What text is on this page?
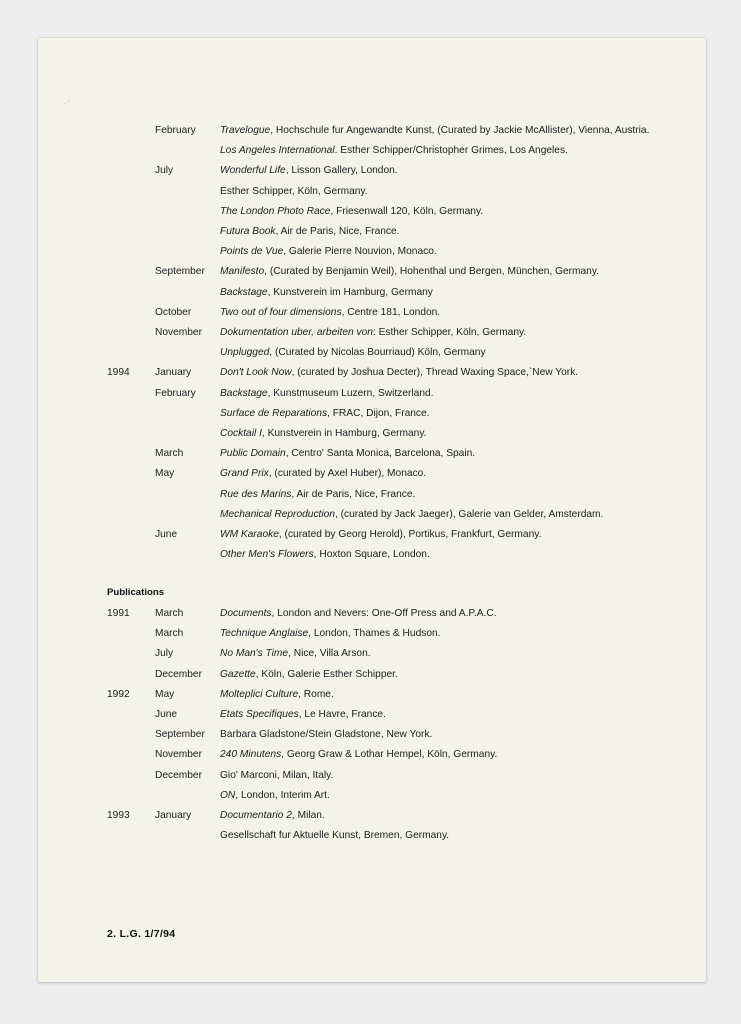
· ’
February Travelogue, Hochschule fur Angewandte Kunst, (Curated by Jackie McAllister), Vienna, Austria.
Los Angeles International. Esther Schipper/Christopher Grimes, Los Angeles.
July	Wonderful Life, Lisson Gallery, London.
Esther Schipper, Köln, Germany.
The London Photo Race, Friesenwall 120, Köln, Germany.
Futura Book, Air de Paris, Nice, France.
Points de Vue, Galerie Pierre Nouvion, Monaco.
September Manifesto, (Curated by Benjamin Weil), Hohenthal und Bergen, München, Germany.
Backstage, Kunstverein im Hamburg, Germany
October	Two out of four dimensions, Centre 181, London.
November Dokumentation uber, arbeiten von: Esther Schipper, Köln, Germany.
Unplugged, (Curated by Nicolas Bourriaud) Köln, Germany
1994 January	Don't Look Now, (curated by Joshua Decter), Thread Waxing Space,`New York.
February Backstage, Kunstmuseum Luzern, Switzerland.
Surface de Reparations, FRAC, Dijon, France.
Cocktail I, Kunstverein in Hamburg, Germany.
March	Public Domain, Centro' Santa Monica, Barcelona, Spain.
May	Grand Prix, (curated by Axel Huber), Monaco.
Rue des Marins, Air de Paris, Nice, France.
Mechanical Reproduction, (curated by Jack Jaeger), Galerie van Gelder, Amsterdam.
June	WM Karaoke, (curated by Georg Herold), Portikus, Frankfurt, Germany.
Other Men's Flowers, Hoxton Square, London.
Publications
1991 March	Documents, London and Nevers: One-Off Press and A.P.A.C.
March	Technique Anglaise, London, Thames & Hudson.
July	No Man's Time, Nice, Villa Arson.
December Gazette, Köln, Galerie Esther Schipper.
1992 May	Molteplici Culture, Rome.
June	Etats Specifiques, Le Havre, France.
September Barbara Gladstone/Stein Gladstone, New York.
November 240 Minutens, Georg Graw & Lothar Hempel, Köln, Germany.
December Gio' Marconi, Milan, Italy.
ON, London, Interim Art.
1993 January	Documentario 2, Milan.
Gesellschaft fur Aktuelle Kunst, Bremen, Germany.
2. L.G. 1/7/94
